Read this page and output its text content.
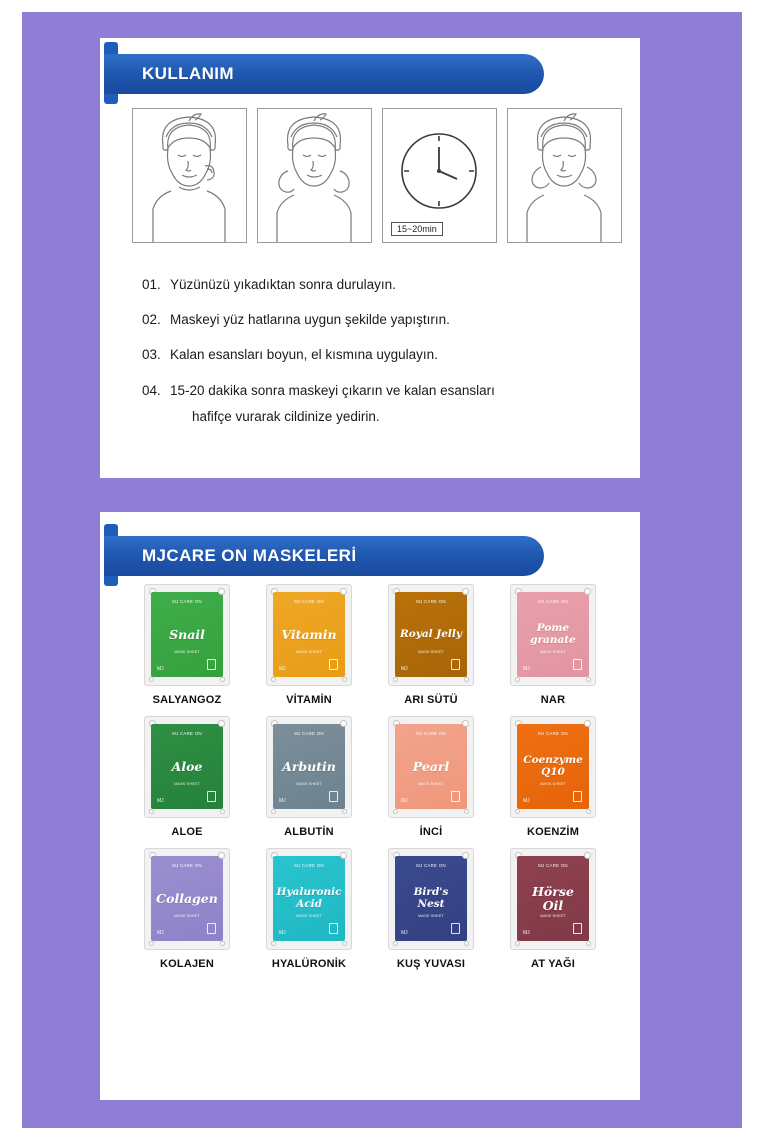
KULLANIM
15~20min
01. Yüzünüzü yıkadıktan sonra durulayın.
02. Maskeyi yüz hatlarına uygun şekilde yapıştırın.
03. Kalan esansları boyun, el kısmına uygulayın.
04. 15-20 dakika sonra maskeyi çıkarın ve kalan esansları
hafifçe vurarak cildinize yedirin.
MJCARE ON MASKELERİ
MJ CARE ON
Snail
MASK SHEET
MJ
SALYANGOZ
MJ CARE ON
Vitamin
MASK SHEET
MJ
VİTAMİN
MJ CARE ON
Royal Jelly
MASK SHEET
MJ
ARI SÜTÜ
MJ CARE ON
Pome granate
MASK SHEET
MJ
NAR
MJ CARE ON
Aloe
MASK SHEET
MJ
ALOE
MJ CARE ON
Arbutin
MASK SHEET
MJ
ALBUTİN
MJ CARE ON
Pearl
MASK SHEET
MJ
İNCİ
MJ CARE ON
Coenzyme Q10
MASK SHEET
MJ
KOENZİM
MJ CARE ON
Collagen
MASK SHEET
MJ
KOLAJEN
MJ CARE ON
Hyaluronic Acid
MASK SHEET
MJ
HYALÜRONİK
MJ CARE ON
Bird's Nest
MASK SHEET
MJ
KUŞ YUVASI
MJ CARE ON
Hörse Oil
MASK SHEET
MJ
AT YAĞI
